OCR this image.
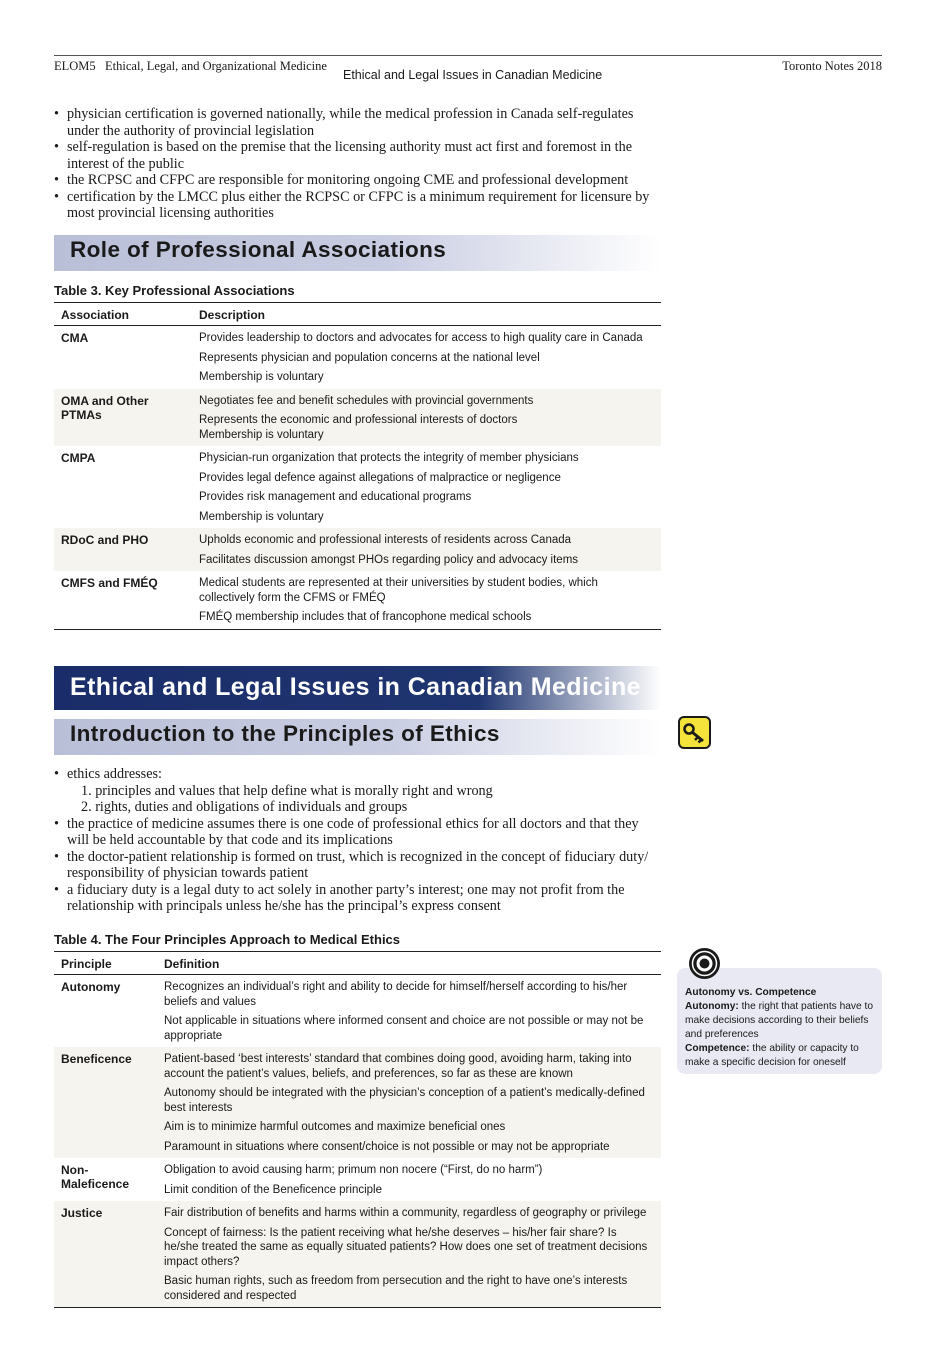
ELOM5   Ethical, Legal, and Organizational Medicine
Ethical and Legal Issues in Canadian Medicine
Toronto Notes 2018
• physician certification is governed nationally, while the medical profession in Canada self-regulates under the authority of provincial legislation
• self-regulation is based on the premise that the licensing authority must act first and foremost in the interest of the public
• the RCPSC and CFPC are responsible for monitoring ongoing CME and professional development
• certification by the LMCC plus either the RCPSC or CFPC is a minimum requirement for licensure by most provincial licensing authorities
Role of Professional Associations
Table 3. Key Professional Associations
Association	Description
CMA	Provides leadership to doctors and advocates for access to high quality care in Canada
Represents physician and population concerns at the national level
Membership is voluntary

OMA and Other PTMAs	Negotiates fee and benefit schedules with provincial governments
Represents the economic and professional interests of doctors
Membership is voluntary

CMPA	Physician-run organization that protects the integrity of member physicians
Provides legal defence against allegations of malpractice or negligence
Provides risk management and educational programs
Membership is voluntary

RDoC and PHO	Upholds economic and professional interests of residents across Canada
Facilitates discussion amongst PHOs regarding policy and advocacy items

CMFS and FMÉQ	Medical students are represented at their universities by student bodies, which collectively form the CFMS or FMÉQ
FMÉQ membership includes that of francophone medical schools
Ethical and Legal Issues in Canadian Medicine
Introduction to the Principles of Ethics
• ethics addresses:
1. principles and values that help define what is morally right and wrong
2. rights, duties and obligations of individuals and groups
• the practice of medicine assumes there is one code of professional ethics for all doctors and that they will be held accountable by that code and its implications
• the doctor-patient relationship is formed on trust, which is recognized in the concept of fiduciary duty/ responsibility of physician towards patient
• a fiduciary duty is a legal duty to act solely in another party’s interest; one may not profit from the relationship with principals unless he/she has the principal’s express consent
Table 4. The Four Principles Approach to Medical Ethics
Principle	Definition
Autonomy	Recognizes an individual’s right and ability to decide for himself/herself according to his/her beliefs and values
Not applicable in situations where informed consent and choice are not possible or may not be appropriate

Beneficence	Patient-based ‘best interests’ standard that combines doing good, avoiding harm, taking into account the patient’s values, beliefs, and preferences, so far as these are known
Autonomy should be integrated with the physician’s conception of a patient’s medically-defined best interests
Aim is to minimize harmful outcomes and maximize beneficial ones
Paramount in situations where consent/choice is not possible or may not be appropriate

Non-Maleficence	Obligation to avoid causing harm; primum non nocere (“First, do no harm”)
Limit condition of the Beneficence principle

Justice	Fair distribution of benefits and harms within a community, regardless of geography or privilege
Concept of fairness: Is the patient receiving what he/she deserves – his/her fair share? Is he/she treated the same as equally situated patients? How does one set of treatment decisions impact others?
Basic human rights, such as freedom from persecution and the right to have one’s interests considered and respected
Autonomy vs. Competence
Autonomy: the right that patients have to make decisions according to their beliefs and preferences
Competence: the ability or capacity to make a specific decision for oneself
